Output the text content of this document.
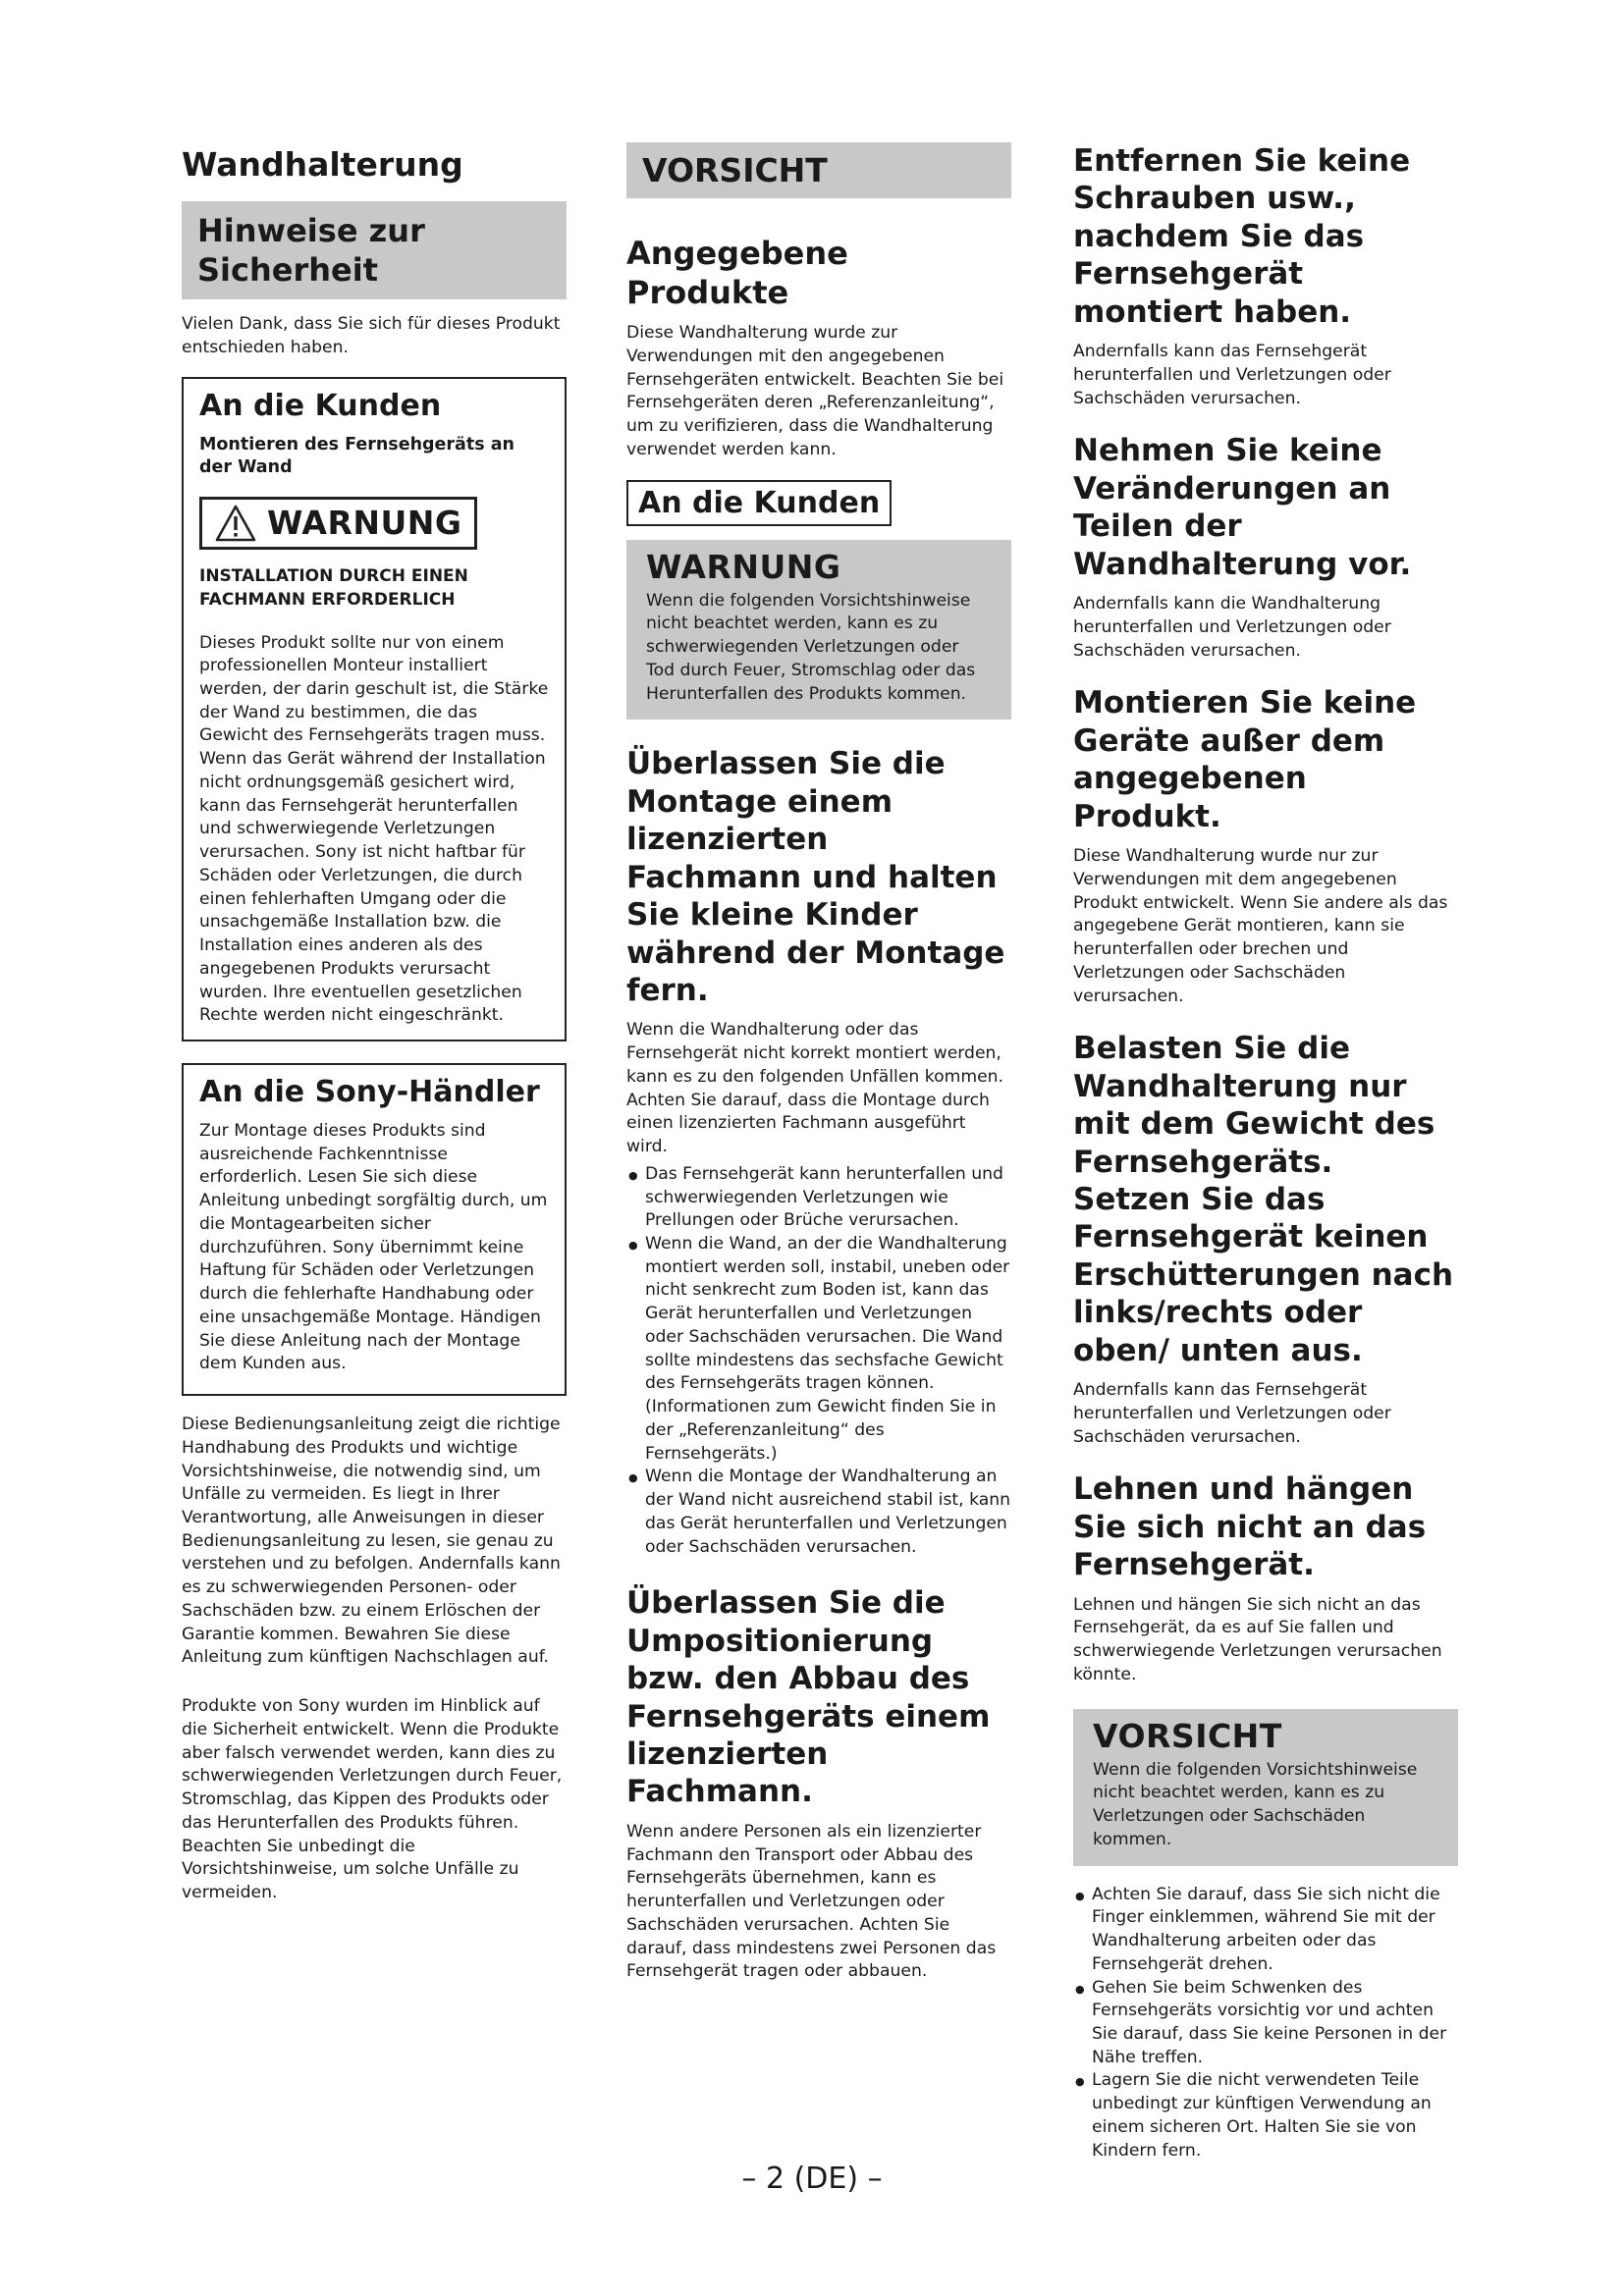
Wandhalterung
Hinweise zur Sicherheit

Vielen Dank, dass Sie sich für dieses Produkt entschieden haben.

An die Kunden
Montieren des Fernsehgeräts an der Wand
WARNUNG
INSTALLATION DURCH EINEN FACHMANN ERFORDERLICH

Dieses Produkt sollte nur von einem professionellen Monteur installiert werden, der darin geschult ist, die Stärke der Wand zu bestimmen, die das Gewicht des Fernsehgeräts tragen muss. Wenn das Gerät während der Installation nicht ordnungsgemäß gesichert wird, kann das Fernsehgerät herunterfallen und schwerwiegende Verletzungen verursachen. Sony ist nicht haftbar für Schäden oder Verletzungen, die durch einen fehlerhaften Umgang oder die unsachgemäße Installation bzw. die Installation eines anderen als des angegebenen Produkts verursacht wurden. Ihre eventuellen gesetzlichen Rechte werden nicht eingeschränkt.

An die Sony-Händler

Zur Montage dieses Produkts sind ausreichende Fachkenntnisse erforderlich. Lesen Sie sich diese Anleitung unbedingt sorgfältig durch, um die Montagearbeiten sicher durchzuführen. Sony übernimmt keine Haftung für Schäden oder Verletzungen durch die fehlerhafte Handhabung oder eine unsachgemäße Montage. Händigen Sie diese Anleitung nach der Montage dem Kunden aus.

Diese Bedienungsanleitung zeigt die richtige Handhabung des Produkts und wichtige Vorsichtshinweise, die notwendig sind, um Unfälle zu vermeiden. Es liegt in Ihrer Verantwortung, alle Anweisungen in dieser Bedienungsanleitung zu lesen, sie genau zu verstehen und zu befolgen. Andernfalls kann es zu schwerwiegenden Personen- oder Sachschäden bzw. zu einem Erlöschen der Garantie kommen. Bewahren Sie diese Anleitung zum künftigen Nachschlagen auf.

Produkte von Sony wurden im Hinblick auf die Sicherheit entwickelt. Wenn die Produkte aber falsch verwendet werden, kann dies zu schwerwiegenden Verletzungen durch Feuer, Stromschlag, das Kippen des Produkts oder das Herunterfallen des Produkts führen. Beachten Sie unbedingt die Vorsichtshinweise, um solche Unfälle zu vermeiden.

VORSICHT
Angegebene Produkte

Diese Wandhalterung wurde zur Verwendungen mit den angegebenen Fernsehgeräten entwickelt. Beachten Sie bei Fernsehgeräten deren „Referenzanleitung“, um zu verifizieren, dass die Wandhalterung verwendet werden kann.

An die Kunden
WARNUNG

Wenn die folgenden Vorsichtshinweise nicht beachtet werden, kann es zu schwerwiegenden Verletzungen oder Tod durch Feuer, Stromschlag oder das Herunterfallen des Produkts kommen.

Überlassen Sie die Montage einem lizenzierten Fachmann und halten Sie kleine Kinder während der Montage fern.

Wenn die Wandhalterung oder das Fernsehgerät nicht korrekt montiert werden, kann es zu den folgenden Unfällen kommen. Achten Sie darauf, dass die Montage durch einen lizenzierten Fachmann ausgeführt wird.

● Das Fernsehgerät kann herunterfallen und schwerwiegenden Verletzungen wie Prellungen oder Brüche verursachen.
● Wenn die Wand, an der die Wandhalterung montiert werden soll, instabil, uneben oder nicht senkrecht zum Boden ist, kann das Gerät herunterfallen und Verletzungen oder Sachschäden verursachen. Die Wand sollte mindestens das sechsfache Gewicht des Fernsehgeräts tragen können. (Informationen zum Gewicht finden Sie in der „Referenzanleitung“ des Fernsehgeräts.)
● Wenn die Montage der Wandhalterung an der Wand nicht ausreichend stabil ist, kann das Gerät herunterfallen und Verletzungen oder Sachschäden verursachen.
Überlassen Sie die Umpositionierung bzw. den Abbau des Fernsehgeräts einem lizenzierten Fachmann.

Wenn andere Personen als ein lizenzierter Fachmann den Transport oder Abbau des Fernsehgeräts übernehmen, kann es herunterfallen und Verletzungen oder Sachschäden verursachen. Achten Sie darauf, dass mindestens zwei Personen das Fernsehgerät tragen oder abbauen.

Entfernen Sie keine Schrauben usw., nachdem Sie das Fernsehgerät montiert haben.

Andernfalls kann das Fernsehgerät herunterfallen und Verletzungen oder Sachschäden verursachen.

Nehmen Sie keine Veränderungen an Teilen der Wandhalterung vor.

Andernfalls kann die Wandhalterung herunterfallen und Verletzungen oder Sachschäden verursachen.

Montieren Sie keine Geräte außer dem angegebenen Produkt.

Diese Wandhalterung wurde nur zur Verwendungen mit dem angegebenen Produkt entwickelt. Wenn Sie andere als das angegebene Gerät montieren, kann sie herunterfallen oder brechen und Verletzungen oder Sachschäden verursachen.

Belasten Sie die Wandhalterung nur mit dem Gewicht des Fernsehgeräts. Setzen Sie das Fernsehgerät keinen Erschütterungen nach links/rechts oder oben/ unten aus.

Andernfalls kann das Fernsehgerät herunterfallen und Verletzungen oder Sachschäden verursachen.

Lehnen und hängen Sie sich nicht an das Fernsehgerät.

Lehnen und hängen Sie sich nicht an das Fernsehgerät, da es auf Sie fallen und schwerwiegende Verletzungen verursachen könnte.

VORSICHT

Wenn die folgenden Vorsichtshinweise nicht beachtet werden, kann es zu Verletzungen oder Sachschäden kommen.

● Achten Sie darauf, dass Sie sich nicht die Finger einklemmen, während Sie mit der Wandhalterung arbeiten oder das Fernsehgerät drehen.
● Gehen Sie beim Schwenken des Fernsehgeräts vorsichtig vor und achten Sie darauf, dass Sie keine Personen in der Nähe treffen.
● Lagern Sie die nicht verwendeten Teile unbedingt zur künftigen Verwendung an einem sicheren Ort. Halten Sie sie von Kindern fern.
– 2 (DE) –
